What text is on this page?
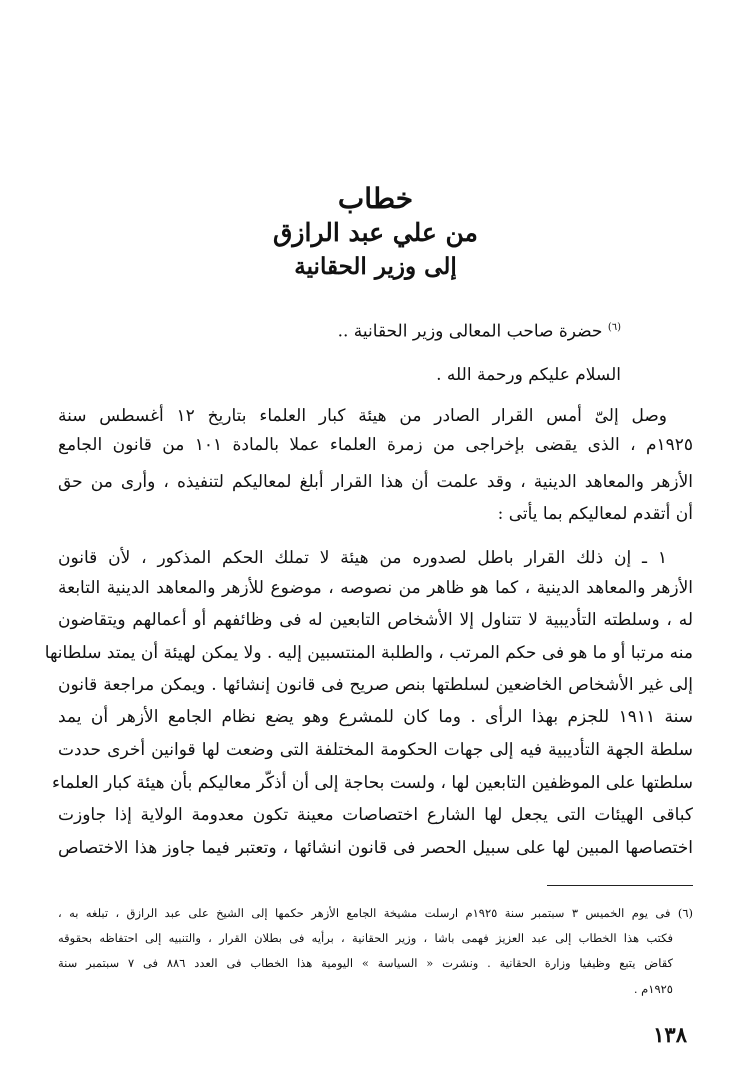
خطاب
من علي عبد الرازق
إلى وزير الحقانية
$^{(٦)}$ حضرة صاحب المعالى وزير الحقانية ..
السلام عليكم ورحمة الله .
وصل إلىّ أمس القرار الصادر من هيئة كبار العلماء بتاريخ ١٢ أغسطس سنة
١٩٢٥م ، الذى يقضى بإخراجى من زمرة العلماء عملا بالمادة ١٠١ من قانون الجامع
الأزهر والمعاهد الدينية ، وقد علمت أن هذا القرار أبلغ لمعاليكم لتنفيذه ، وأرى من حق
أن أتقدم لمعاليكم بما يأتى :
١ ـ إن ذلك القرار باطل لصدوره من هيئة لا تملك الحكم المذكور ، لأن قانون
الأزهر والمعاهد الدينية ، كما هو ظاهر من نصوصه ، موضوع للأزهر والمعاهد الدينية التابعة
له ، وسلطته التأديبية لا تتناول إلا الأشخاص التابعين له فى وظائفهم أو أعمالهم ويتقاضون
منه مرتبا أو ما هو فى حكم المرتب ، والطلبة المنتسبين إليه . ولا يمكن لهيئة أن يمتد سلطانها
إلى غير الأشخاص الخاضعين لسلطتها بنص صريح فى قانون إنشائها . ويمكن مراجعة قانون
سنة ١٩١١ للجزم بهذا الرأى . وما كان للمشرع وهو يضع نظام الجامع الأزهر أن يمد
سلطة الجهة التأديبية فيه إلى جهات الحكومة المختلفة التى وضعت لها قوانين أخرى حددت
سلطتها على الموظفين التابعين لها ، ولست بحاجة إلى أن أذكّر معاليكم بأن هيئة كبار العلماء
كباقى الهيئات التى يجعل لها الشارع اختصاصات معينة تكون معدومة الولاية إذا جاوزت
اختصاصها المبين لها على سبيل الحصر فى قانون انشائها ، وتعتبر فيما جاوز هذا الاختصاص
(٦) فى يوم الخميس ٣ سبتمبر سنة ١٩٢٥م ارسلت مشيخة الجامع الأزهر حكمها إلى الشيخ على عبد الرازق ، تبلغه به ،
فكتب هذا الخطاب إلى عبد العزيز فهمى باشا ، وزير الحقانية ، برأيه فى بطلان القرار ، والتنبيه إلى احتفاظه بحقوقه
كقاض يتبع وظيفيا وزارة الحقانية . ونشرت « السياسة » اليومية هذا الخطاب فى العدد ٨٨٦ فى ٧ سبتمبر سنة
١٩٢٥م .
١٣٨
